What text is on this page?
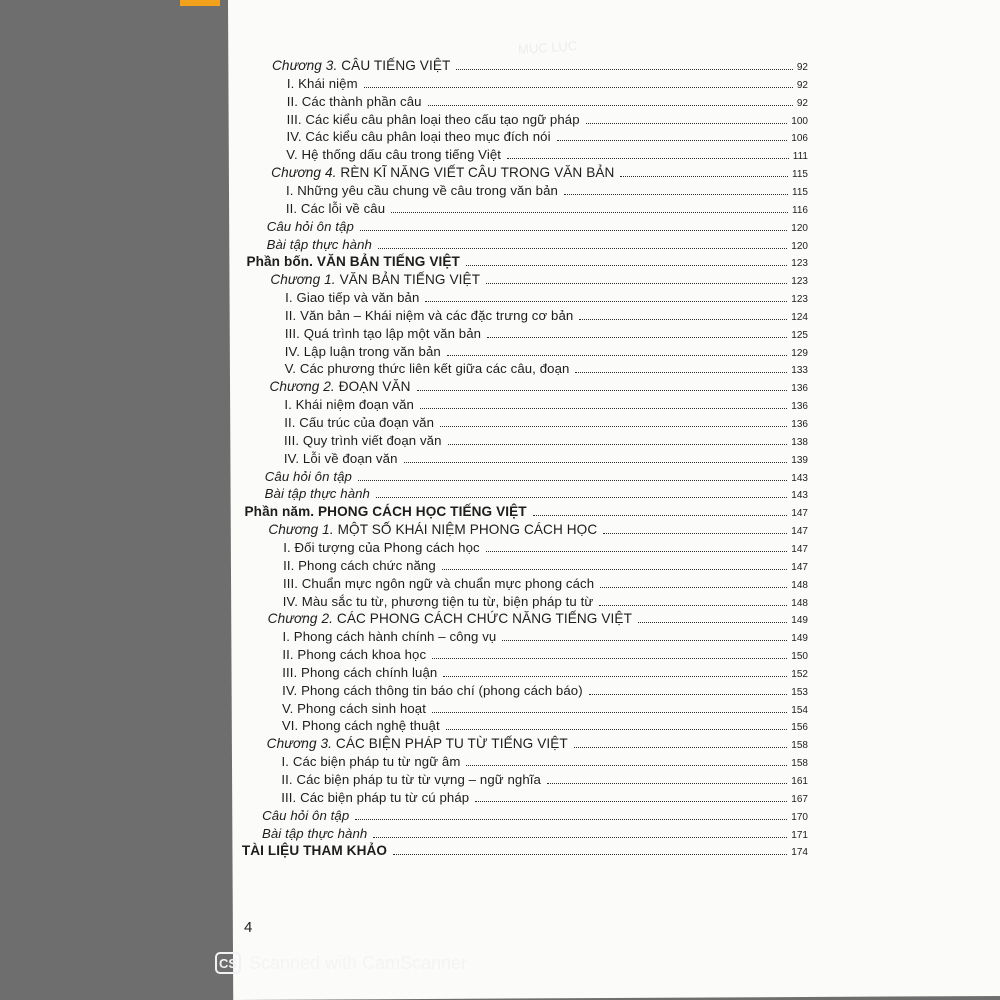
Chương 3. CÂU TIẾNG VIỆT	92
I. Khái niệm	92
II. Các thành phần câu	92
III. Các kiểu câu phân loại theo cấu tạo ngữ pháp	100
IV. Các kiểu câu phân loại theo mục đích nói	106
V. Hệ thống dấu câu trong tiếng Việt	111
Chương 4. RÈN KĨ NĂNG VIẾT CÂU TRONG VĂN BẢN	115
I. Những yêu cầu chung về câu trong văn bản	115
II. Các lỗi về câu	116
Câu hỏi ôn tập	120
Bài tập thực hành	120
Phần bốn. VĂN BẢN TIẾNG VIỆT	123
Chương 1. VĂN BẢN TIẾNG VIỆT	123
I. Giao tiếp và văn bản	123
II. Văn bản – Khái niệm và các đặc trưng cơ bản	124
III. Quá trình tạo lập một văn bản	125
IV. Lập luận trong văn bản	129
V. Các phương thức liên kết giữa các câu, đoạn	133
Chương 2. ĐOẠN VĂN	136
I. Khái niệm đoạn văn	136
II. Cấu trúc của đoạn văn	136
III. Quy trình viết đoạn văn	138
IV. Lỗi về đoạn văn	139
Câu hỏi ôn tập	143
Bài tập thực hành	143
Phần năm. PHONG CÁCH HỌC TIẾNG VIỆT	147
Chương 1. MỘT SỐ KHÁI NIỆM PHONG CÁCH HỌC	147
I. Đối tượng của Phong cách học	147
II. Phong cách chức năng	147
III. Chuẩn mực ngôn ngữ và chuẩn mực phong cách	148
IV. Màu sắc tu từ, phương tiện tu từ, biện pháp tu từ	148
Chương 2. CÁC PHONG CÁCH CHỨC NĂNG TIẾNG VIỆT	149
I. Phong cách hành chính – công vụ	149
II. Phong cách khoa học	150
III. Phong cách chính luận	152
IV. Phong cách thông tin báo chí (phong cách báo)	153
V. Phong cách sinh hoạt	154
VI. Phong cách nghệ thuật	156
Chương 3. CÁC BIỆN PHÁP TU TỪ TIẾNG VIỆT	158
I. Các biện pháp tu từ ngữ âm	158
II. Các biện pháp tu từ từ vựng – ngữ nghĩa	161
III. Các biện pháp tu từ cú pháp	167
Câu hỏi ôn tập	170
Bài tập thực hành	171
TÀI LIỆU THAM KHẢO	174
4
CS Scanned with CamScanner
